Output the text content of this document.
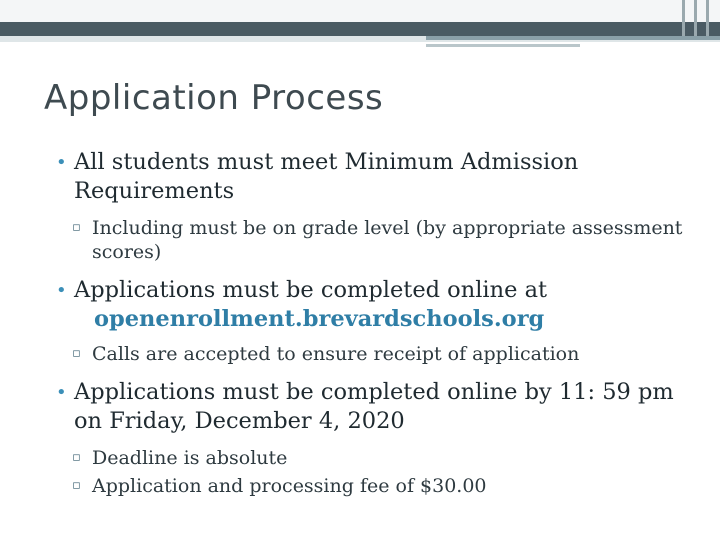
Application Process
• All students must meet Minimum Admission Requirements
▫ Including must be on grade level (by appropriate assessment scores)
• Applications must be completed online at
openenrollment.brevardschools.org
▫ Calls are accepted to ensure receipt of application
• Applications must be completed online by 11: 59 pm on Friday, December 4, 2020
▫ Deadline is absolute
▫ Application and processing fee of $30.00
